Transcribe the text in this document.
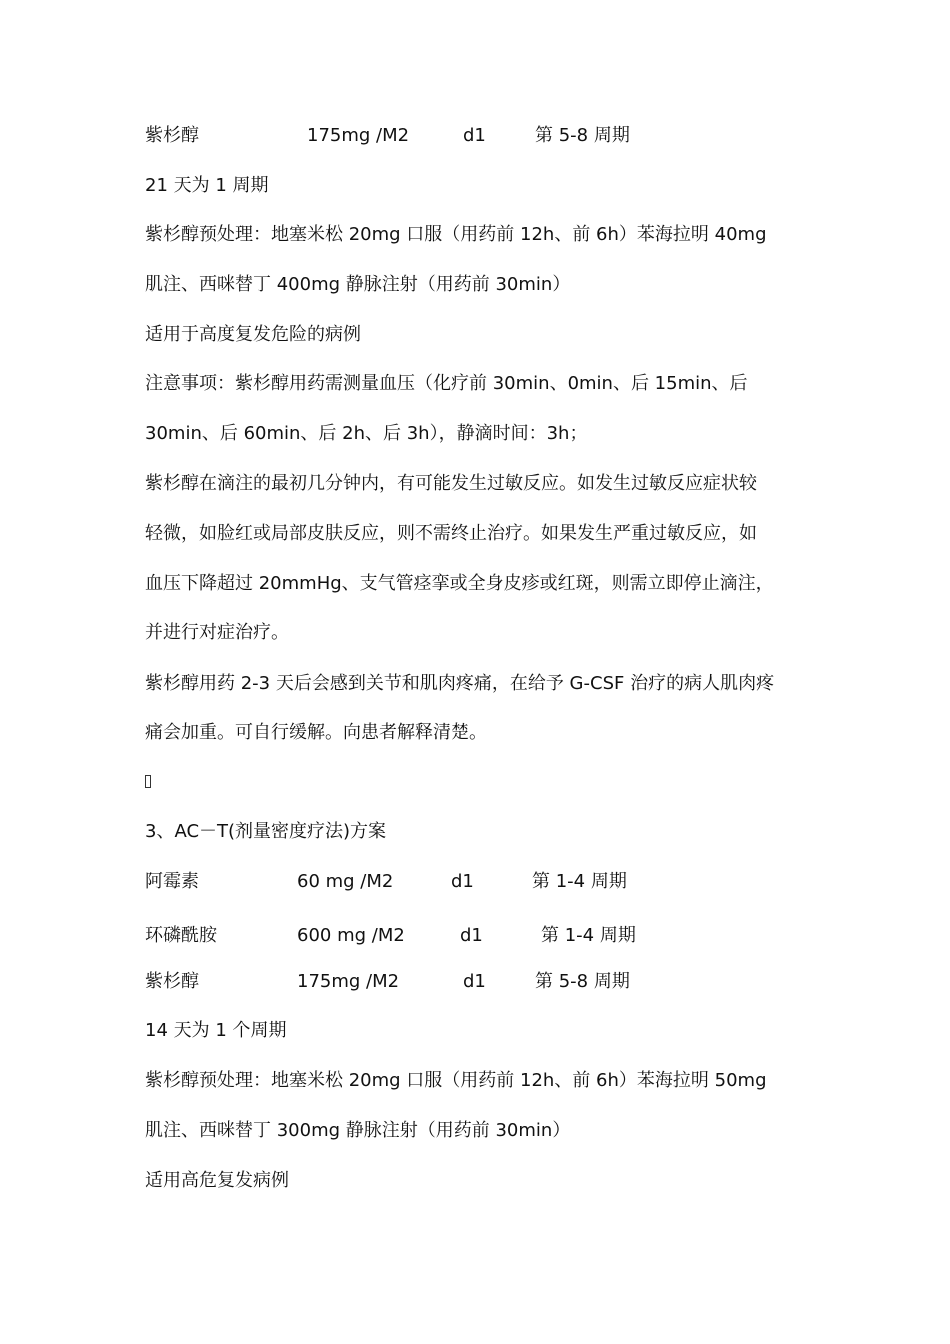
紫杉醇	175mg /M2	d1	第 5-8 周期
21 天为 1 周期
紫杉醇预处理：地塞米松 20mg 口服（用药前 12h、前 6h）苯海拉明 40mg
肌注、西咪替丁 400mg 静脉注射（用药前 30min）
适用于高度复发危险的病例
注意事项：紫杉醇用药需测量血压（化疗前 30min、0min、后 15min、后
30min、后 60min、后 2h、后 3h），静滴时间：3h；
紫杉醇在滴注的最初几分钟内，有可能发生过敏反应。如发生过敏反应症状较
轻微，如脸红或局部皮肤反应，则不需终止治疗。如果发生严重过敏反应，如
血压下降超过 20mmHg、支气管痉挛或全身皮疹或红斑，则需立即停止滴注，
并进行对症治疗。
紫杉醇用药 2-3 天后会感到关节和肌肉疼痛，在给予 G-CSF 治疗的病人肌肉疼
痛会加重。可自行缓解。向患者解释清楚。
3、AC－T(剂量密度疗法)方案
阿霉素	60 mg /M2	d1	第 1-4 周期
环磷酰胺	600 mg /M2	d1	第 1-4 周期
紫杉醇	175mg /M2	d1	第 5-8 周期
14 天为 1 个周期
紫杉醇预处理：地塞米松 20mg 口服（用药前 12h、前 6h）苯海拉明 50mg
肌注、西咪替丁 300mg 静脉注射（用药前 30min）
适用高危复发病例
